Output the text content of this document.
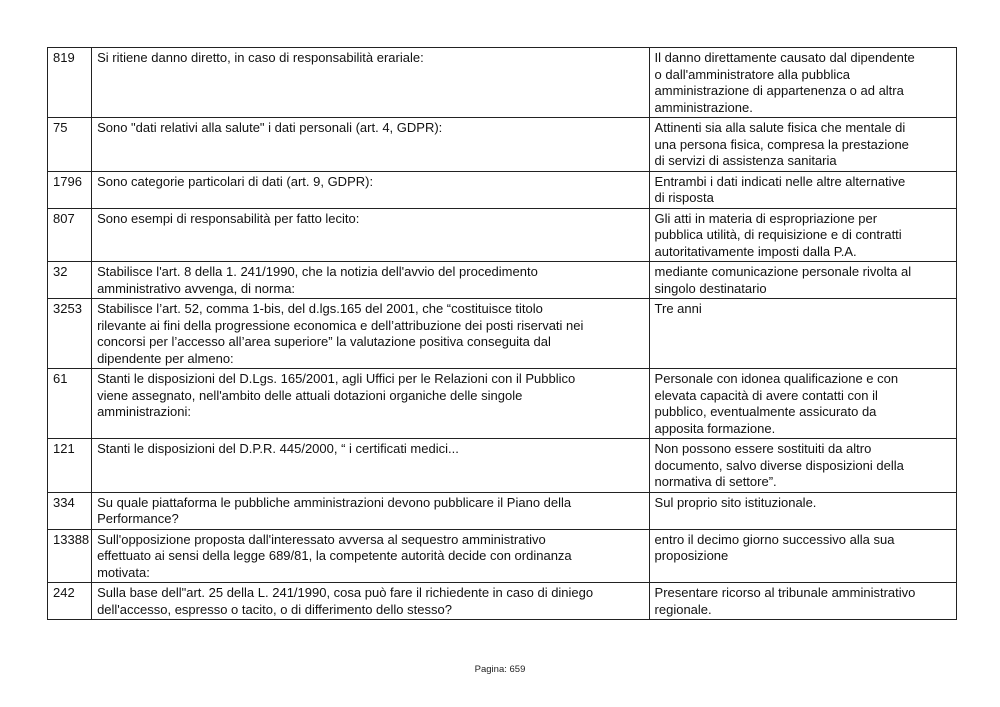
819	Si ritiene danno diretto, in caso di responsabilità erariale:	Il danno direttamente causato dal dipendente
o dall'amministratore alla pubblica
amministrazione di appartenenza o ad altra
amministrazione.
75	Sono "dati relativi alla salute" i dati personali (art. 4, GDPR):	Attinenti sia alla salute fisica che mentale di
una persona fisica, compresa la prestazione
di servizi di assistenza sanitaria
1796	Sono categorie particolari di dati (art. 9, GDPR):	Entrambi i dati indicati nelle altre alternative
di risposta
807	Sono esempi di responsabilità per fatto lecito:	Gli atti in materia di espropriazione per
pubblica utilità, di requisizione e di contratti
autoritativamente imposti dalla P.A.
32	Stabilisce l'art. 8 della 1. 241/1990, che la notizia dell'avvio del procedimento
amministrativo avvenga, di norma:	mediante comunicazione personale rivolta al
singolo destinatario
3253	Stabilisce l’art. 52, comma 1-bis, del d.lgs.165 del 2001, che “costituisce titolo
rilevante ai fini della progressione economica e dell’attribuzione dei posti riservati nei
concorsi per l’accesso all’area superiore” la valutazione positiva conseguita dal
dipendente per almeno:	Tre anni
61	Stanti le disposizioni del D.Lgs. 165/2001, agli Uffici per le Relazioni con il Pubblico
viene assegnato, nell'ambito delle attuali dotazioni organiche delle singole
amministrazioni:	Personale con idonea qualificazione e con
elevata capacità di avere contatti con il
pubblico, eventualmente assicurato da
apposita formazione.
121	Stanti le disposizioni del D.P.R. 445/2000, “ i certificati medici...	Non possono essere sostituiti da altro
documento, salvo diverse disposizioni della
normativa di settore”.
334	Su quale piattaforma le pubbliche amministrazioni devono pubblicare il Piano della
Performance?	Sul proprio sito istituzionale.
13388	Sull'opposizione proposta dall'interessato avversa al sequestro amministrativo
effettuato ai sensi della legge 689/81, la competente autorità decide con ordinanza
motivata:	entro il decimo giorno successivo alla sua
proposizione
242	Sulla base dell"art. 25 della L. 241/1990, cosa può fare il richiedente in caso di diniego
dell'accesso, espresso o tacito, o di differimento dello stesso?	Presentare ricorso al tribunale amministrativo
regionale.
Pagina: 659
